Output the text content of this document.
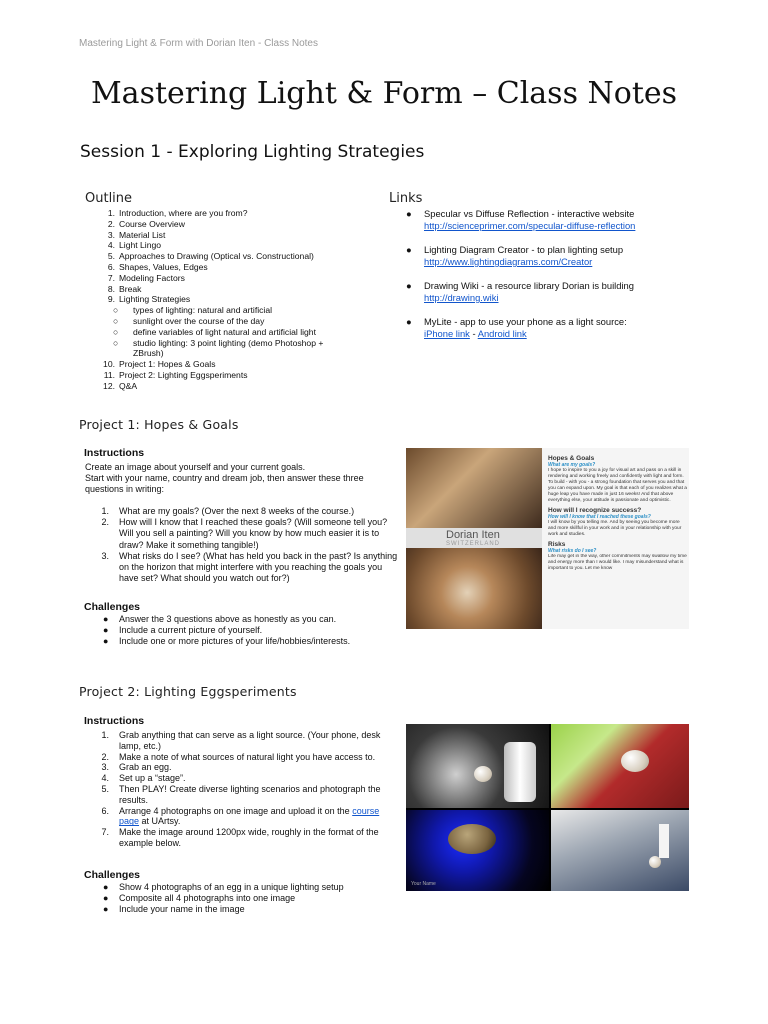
Mastering Light & Form with Dorian Iten - Class Notes
Mastering Light & Form – Class Notes
Session 1 - Exploring Lighting Strategies
Outline
1. Introduction, where are you from?
2. Course Overview
3. Material List
4. Light Lingo
5. Approaches to Drawing (Optical vs. Constructional)
6. Shapes, Values, Edges
7. Modeling Factors
8. Break
9. Lighting Strategies
○	types of lighting: natural and artificial
○	sunlight over the course of the day
○	define variables of light natural and artificial light
○	studio lighting: 3 point lighting (demo Photoshop + ZBrush)
10. Project 1: Hopes & Goals
11. Project 2: Lighting Eggsperiments
12. Q&A
Links
● Specular vs Diffuse Reflection - interactive website
http://scienceprimer.com/specular-diffuse-reflection
● Lighting Diagram Creator - to plan lighting setup
http://www.lightingdiagrams.com/Creator
● Drawing Wiki - a resource library Dorian is building
http://drawing.wiki
● MyLite - app to use your phone as a light source:
iPhone link - Android link
Project 1: Hopes & Goals
Instructions
Create an image about yourself and your current goals.
Start with your name, country and dream job, then answer these three questions in writing:
1. What are my goals? (Over the next 8 weeks of the course.)
2. How will I know that I reached these goals? (Will someone tell you? Will you sell a painting? Will you know by how much easier it is to draw? Make it something tangible!)
3. What risks do I see? (What has held you back in the past? Is anything on the horizon that might interfere with you reaching the goals you have set? What should you watch out for?)
Challenges
● Answer the 3 questions above as honestly as you can.
● Include a current picture of yourself.
● Include one or more pictures of your life/hobbies/interests.
Dorian Iten
SWITZERLAND
Hopes & Goals
What are my goals?
I hope to inspire to you a joy for visual art and pass on a skill in rendering and working freely and confidently with light and form. To build - with you - a strong foundation that serves you and that you can expand upon. My goal is that each of you realizes what a huge leap you have made in just 16 weeks! And that above everything else, your attitude is passionate and optimistic.
How will I recognize success?
How will I know that I reached these goals?
I will know by you telling me. And by seeing you become more and more skillful in your work and in your relationship with your work and studies.
Risks
What risks do I see?
Life may get in the way, other commitments may swallow my time and energy more than I would like. I may misunderstand what is important to you. Let me know
Project 2: Lighting Eggsperiments
Instructions
1. Grab anything that can serve as a light source. (Your phone, desk lamp, etc.)
2. Make a note of what sources of natural light you have access to.
3. Grab an egg.
4. Set up a “stage”.
5. Then PLAY! Create diverse lighting scenarios and photograph the results.
6. Arrange 4 photographs on one image and upload it on the course page at UArtsy.
7. Make the image around 1200px wide, roughly in the format of the example below.
Challenges
● Show 4 photographs of an egg in a unique lighting setup
● Composite all 4 photographs into one image
● Include your name in the image
Your Name
